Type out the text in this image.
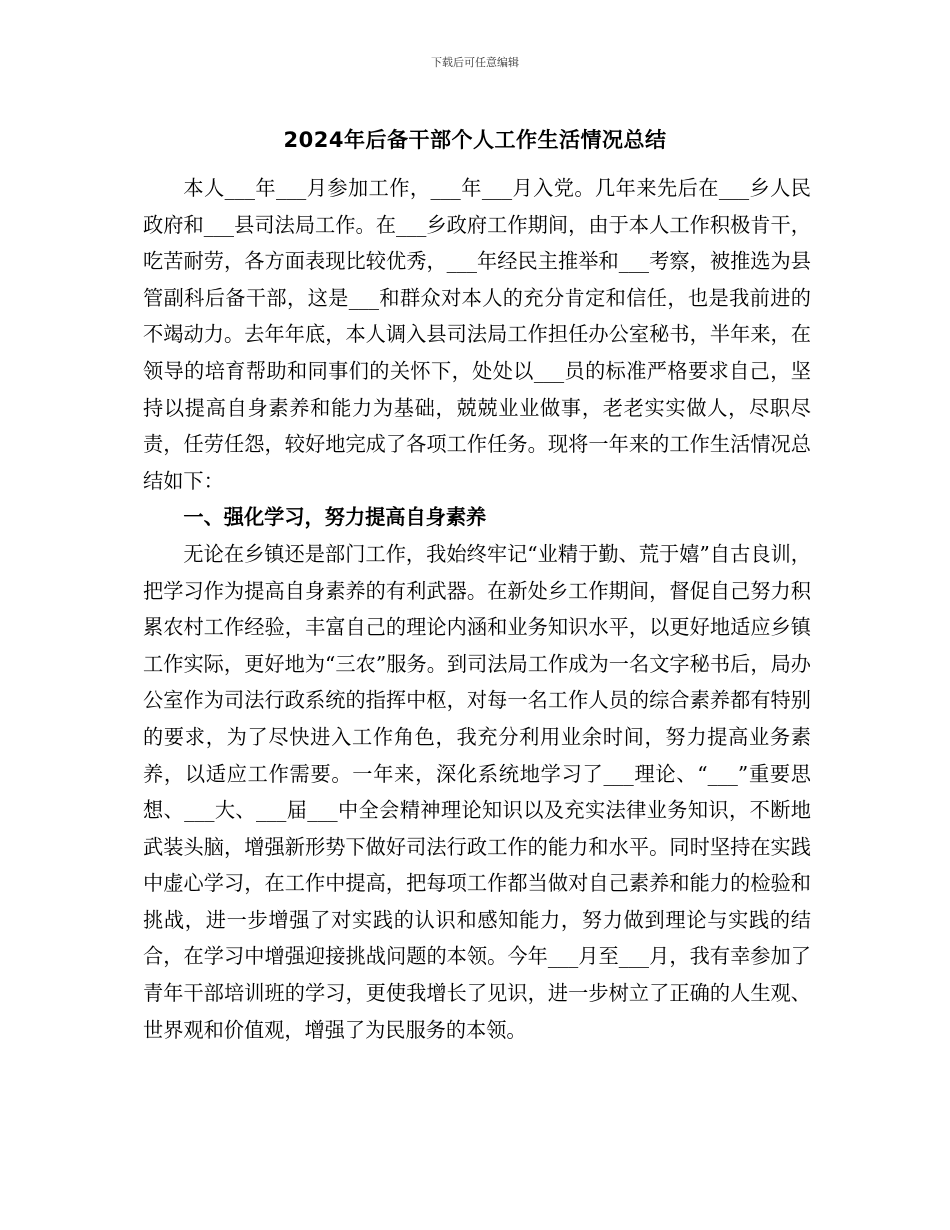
下载后可任意编辑
2024年后备干部个人工作生活情况总结

本人___年___月参加工作，___年___月入党。几年来先后在___乡人民政府和___县司法局工作。在___乡政府工作期间，由于本人工作积极肯干，吃苦耐劳，各方面表现比较优秀，___年经民主推举和___考察，被推选为县管副科后备干部，这是___和群众对本人的充分肯定和信任，也是我前进的不竭动力。去年年底，本人调入县司法局工作担任办公室秘书，半年来，在领导的培育帮助和同事们的关怀下，处处以___员的标准严格要求自己，坚持以提高自身素养和能力为基础，兢兢业业做事，老老实实做人，尽职尽责，任劳任怨，较好地完成了各项工作任务。现将一年来的工作生活情况总结如下：

一、强化学习，努力提高自身素养

无论在乡镇还是部门工作，我始终牢记“业精于勤、荒于嬉”自古良训，把学习作为提高自身素养的有利武器。在新处乡工作期间，督促自己努力积累农村工作经验，丰富自己的理论内涵和业务知识水平，以更好地适应乡镇工作实际，更好地为“三农”服务。到司法局工作成为一名文字秘书后，局办公室作为司法行政系统的指挥中枢，对每一名工作人员的综合素养都有特别的要求，为了尽快进入工作角色，我充分利用业余时间，努力提高业务素养，以适应工作需要。一年来，深化系统地学习了___理论、“___”重要思想、___大、___届___中全会精神理论知识以及充实法律业务知识，不断地武装头脑，增强新形势下做好司法行政工作的能力和水平。同时坚持在实践中虚心学习，在工作中提高，把每项工作都当做对自己素养和能力的检验和挑战，进一步增强了对实践的认识和感知能力，努力做到理论与实践的结合，在学习中增强迎接挑战问题的本领。今年___月至___月，我有幸参加了青年干部培训班的学习，更使我增长了见识，进一步树立了正确的人生观、世界观和价值观，增强了为民服务的本领。
